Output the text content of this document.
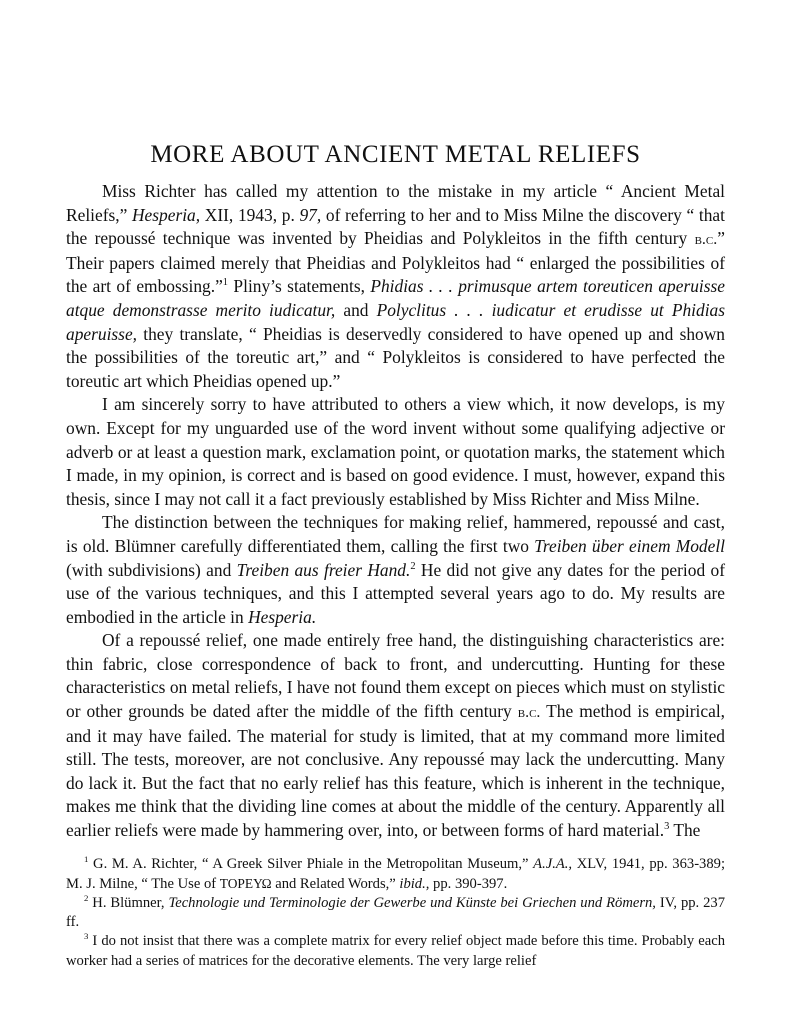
MORE ABOUT ANCIENT METAL RELIEFS

Miss Richter has called my attention to the mistake in my article “ Ancient Metal Reliefs,” Hesperia, XII, 1943, p. 97, of referring to her and to Miss Milne the discovery “ that the repoussé technique was invented by Pheidias and Polykleitos in the fifth century b.c.” Their papers claimed merely that Pheidias and Polykleitos had “ enlarged the possibilities of the art of embossing.”$^1$ Pliny’s statements, Phidias . . . primusque artem toreuticen aperuisse atque demonstrasse merito iudicatur, and Polyclitus . . . iudicatur et erudisse ut Phidias aperuisse, they translate, “ Pheidias is deservedly considered to have opened up and shown the possibilities of the toreutic art,” and “ Polykleitos is considered to have perfected the toreutic art which Pheidias opened up.”

I am sincerely sorry to have attributed to others a view which, it now develops, is my own. Except for my unguarded use of the word invent without some qualifying adjective or adverb or at least a question mark, exclamation point, or quotation marks, the statement which I made, in my opinion, is correct and is based on good evidence. I must, however, expand this thesis, since I may not call it a fact previously established by Miss Richter and Miss Milne.

The distinction between the techniques for making relief, hammered, repoussé and cast, is old. Blümner carefully differentiated them, calling the first two Treiben über einem Modell (with subdivisions) and Treiben aus freier Hand.$^2$ He did not give any dates for the period of use of the various techniques, and this I attempted several years ago to do. My results are embodied in the article in Hesperia.

Of a repoussé relief, one made entirely free hand, the distinguishing characteristics are: thin fabric, close correspondence of back to front, and undercutting. Hunting for these characteristics on metal reliefs, I have not found them except on pieces which must on stylistic or other grounds be dated after the middle of the fifth century b.c. The method is empirical, and it may have failed. The material for study is limited, that at my command more limited still. The tests, moreover, are not conclusive. Any repoussé may lack the undercutting. Many do lack it. But the fact that no early relief has this feature, which is inherent in the technique, makes me think that the dividing line comes at about the middle of the century. Apparently all earlier reliefs were made by hammering over, into, or between forms of hard material.$^3$ The

$^1$ G. M. A. Richter, “ A Greek Silver Phiale in the Metropolitan Museum,” A.J.A., XLV, 1941, pp. 363-389; M. J. Milne, “ The Use of ΤΟΡΕΥΩ and Related Words,” ibid., pp. 390-397.

$^2$ H. Blümner, Technologie und Terminologie der Gewerbe und Künste bei Griechen und Römern, IV, pp. 237 ff.

$^3$ I do not insist that there was a complete matrix for every relief object made before this time. Probably each worker had a series of matrices for the decorative elements. The very large relief
